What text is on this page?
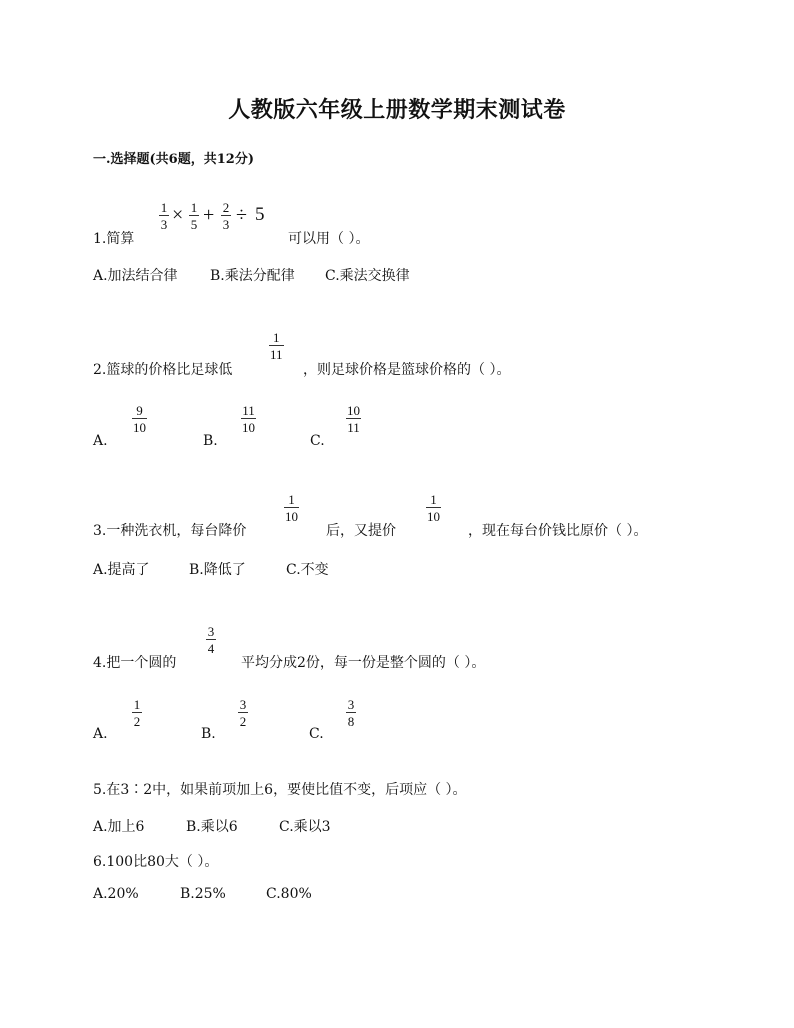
人教版六年级上册数学期末测试卷
一.选择题(共6题，共12分)
1.简算
1
3 × 1
5 + 2
3 ÷ 5
可以用（ ）。
A.加法结合律 B.乘法分配律 C.乘法交换律
2.篮球的价格比足球低
1
11
，则足球价格是篮球价格的（ ）。
A.
9
10
B.
11
10
C.
10
11
3.一种洗衣机，每台降价
1
10
后，又提价
1
10
，现在每台价钱比原价（ ）。
A.提高了	B.降低了	C.不变
4.把一个圆的
3
4
平均分成2份，每一份是整个圆的（ ）。
A.
1
2
B.
3
2
C.
3
8
5.在3∶2中，如果前项加上6，要使比值不变，后项应（ ）。
A.加上6	B.乘以6	C.乘以3
6.100比80大（ ）。
A.20%	B.25%	C.80%
